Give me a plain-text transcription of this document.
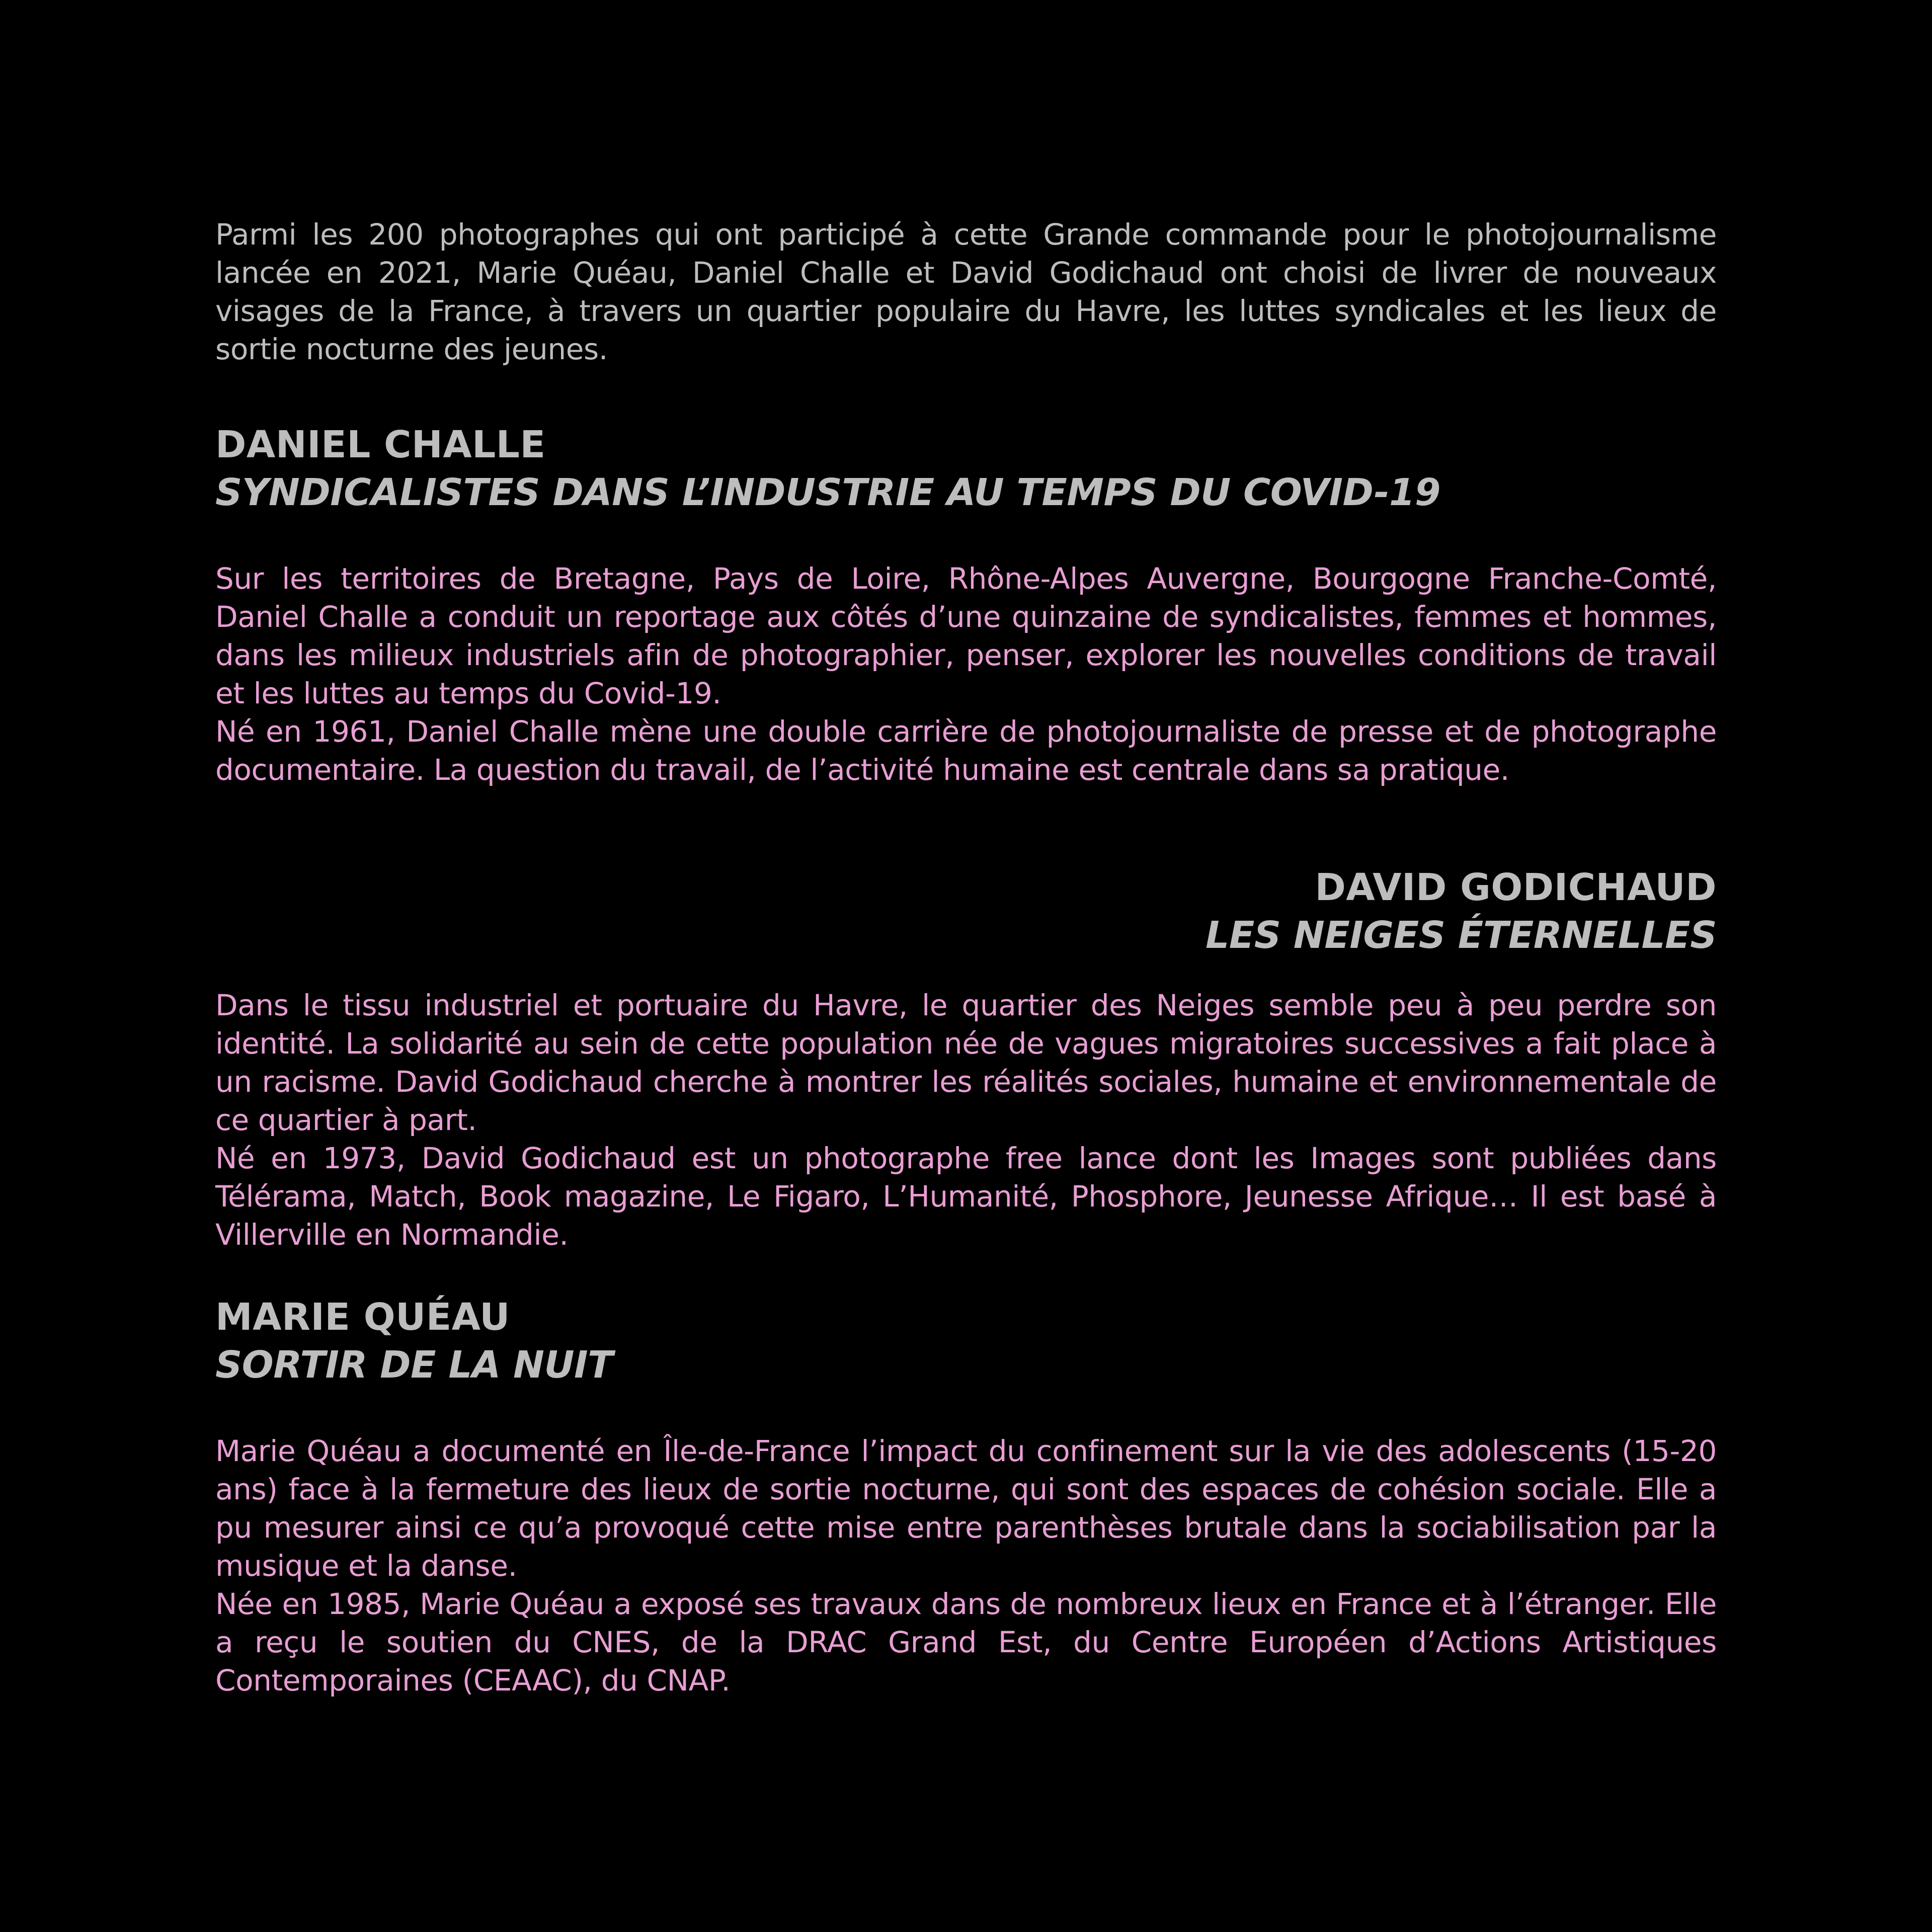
Parmi les 200 photographes qui ont participé à cette Grande commande pour le photojournalisme lancée en 2021, Marie Quéau, Daniel Challe et David Godichaud ont choisi de livrer de nouveaux visages de la France, à travers un quartier populaire du Havre, les luttes syndicales et les lieux de sortie nocturne des jeunes.

DANIEL CHALLE
SYNDICALISTES DANS L’INDUSTRIE AU TEMPS DU COVID-19

Sur les territoires de Bretagne, Pays de Loire, Rhône-Alpes Auvergne, Bourgogne Franche-Comté, Daniel Challe a conduit un reportage aux côtés d’une quinzaine de syndicalistes, femmes et hommes, dans les milieux industriels afin de photographier, penser, explorer les nouvelles conditions de travail et les luttes au temps du Covid-19.

Né en 1961, Daniel Challe mène une double carrière de photojournaliste de presse et de photographe documentaire. La question du travail, de l’activité humaine est centrale dans sa pratique.

DAVID GODICHAUD
LES NEIGES ÉTERNELLES

Dans le tissu industriel et portuaire du Havre, le quartier des Neiges semble peu à peu perdre son identité. La solidarité au sein de cette population née de vagues migratoires successives a fait place à un racisme. David Godichaud cherche à montrer les réalités sociales, humaine et environnementale de ce quartier à part.

Né en 1973, David Godichaud est un photographe free lance dont les Images sont publiées dans Télérama, Match, Book magazine, Le Figaro, L’Humanité, Phosphore, Jeunesse Afrique… Il est basé à Villerville en Normandie.

MARIE QUÉAU
SORTIR DE LA NUIT

Marie Quéau a documenté en Île-de-France l’impact du confinement sur la vie des adolescents (15-20 ans) face à la fermeture des lieux de sortie nocturne, qui sont des espaces de cohésion sociale. Elle a pu mesurer ainsi ce qu’a provoqué cette mise entre parenthèses brutale dans la sociabilisation par la musique et la danse.

Née en 1985, Marie Quéau a exposé ses travaux dans de nombreux lieux en France et à l’étranger. Elle a reçu le soutien du CNES, de la DRAC Grand Est, du Centre Européen d’Actions Artistiques Contemporaines (CEAAC), du CNAP.
